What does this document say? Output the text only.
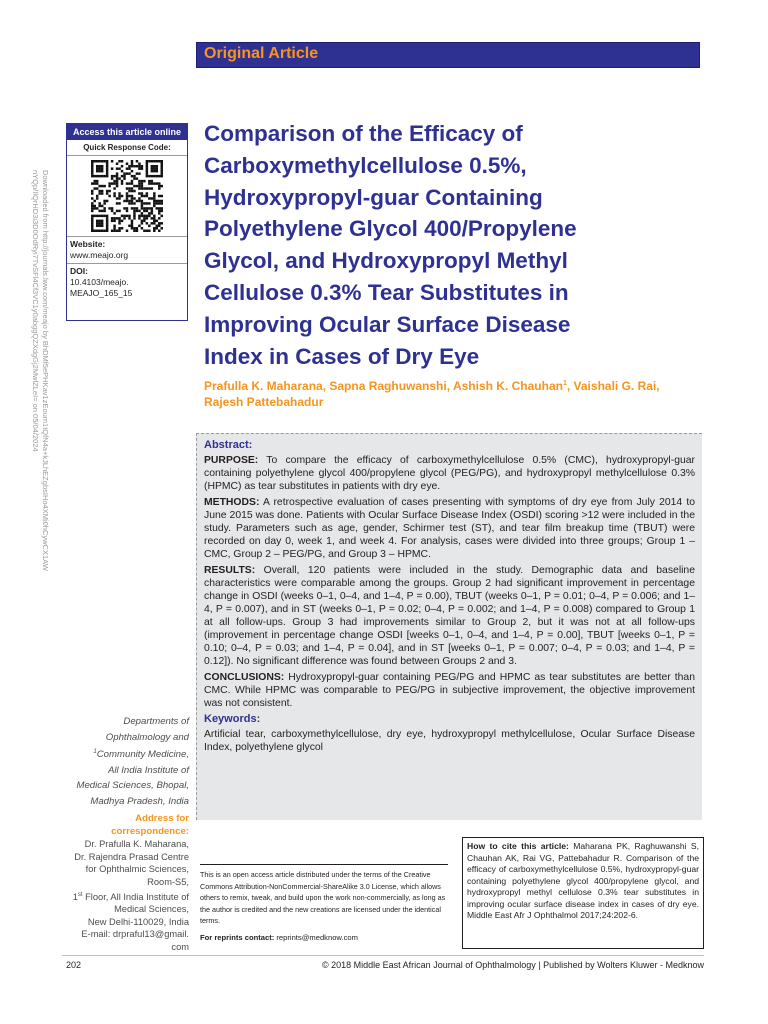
Original Article
Downloaded from http://journals.lww.com/meajo by BhDMf5ePHKav1zEoum1tQfN4a+kJLhEZgbsIHo4XMi0hCywCX1AW
nYQp/IlQrHD3i3D0OdRyi7TvSFl4Cf3VC1y0abggQZXdgGj2MwlZLeI= on 05/04/2024
Access this article online
Quick Response Code:
Website:
www.meajo.org
DOI:
10.4103/meajo.
MEAJO_165_15
Comparison of the Efficacy of
Carboxymethylcellulose 0.5%,
Hydroxypropyl-guar Containing
Polyethylene Glycol 400/Propylene
Glycol, and Hydroxypropyl Methyl
Cellulose 0.3% Tear Substitutes in
Improving Ocular Surface Disease
Index in Cases of Dry Eye
Prafulla K. Maharana, Sapna Raghuwanshi, Ashish K. Chauhan$^1$, Vaishali G. Rai,
Rajesh Pattebahadur
Abstract:

PURPOSE: To compare the efficacy of carboxymethylcellulose 0.5% (CMC), hydroxypropyl-guar containing polyethylene glycol 400/propylene glycol (PEG/PG), and hydroxypropyl methylcellulose 0.3% (HPMC) as tear substitutes in patients with dry eye.

METHODS: A retrospective evaluation of cases presenting with symptoms of dry eye from July 2014 to June 2015 was done. Patients with Ocular Surface Disease Index (OSDI) scoring >12 were included in the study. Parameters such as age, gender, Schirmer test (ST), and tear film breakup time (TBUT) were recorded on day 0, week 1, and week 4. For analysis, cases were divided into three groups; Group 1 – CMC, Group 2 – PEG/PG, and Group 3 – HPMC.

RESULTS: Overall, 120 patients were included in the study. Demographic data and baseline characteristics were comparable among the groups. Group 2 had significant improvement in percentage change in OSDI (weeks 0–1, 0–4, and 1–4, P = 0.00), TBUT (weeks 0–1, P = 0.01; 0–4, P = 0.006; and 1–4, P = 0.007), and in ST (weeks 0–1, P = 0.02; 0–4, P = 0.002; and 1–4, P = 0.008) compared to Group 1 at all follow-ups. Group 3 had improvements similar to Group 2, but it was not at all follow-ups (improvement in percentage change OSDI [weeks 0–1, 0–4, and 1–4, P = 0.00], TBUT [weeks 0–1, P = 0.10; 0–4, P = 0.03; and 1–4, P = 0.04], and in ST [weeks 0–1, P = 0.007; 0–4, P = 0.03; and 1–4, P = 0.12]). No significant difference was found between Groups 2 and 3.

CONCLUSIONS: Hydroxypropyl-guar containing PEG/PG and HPMC as tear substitutes are better than CMC. While HPMC was comparable to PEG/PG in subjective improvement, the objective improvement was not consistent.

Keywords:

Artificial tear, carboxymethylcellulose, dry eye, hydroxypropyl methylcellulose, Ocular Surface Disease Index, polyethylene glycol

Departments of
Ophthalmology and
$^1$Community Medicine,
All India Institute of
Medical Sciences, Bhopal,
Madhya Pradesh, India
Address for
correspondence:
Dr. Prafulla K. Maharana,
Dr. Rajendra Prasad Centre
for Ophthalmic Sciences,
Room-S5,
1st Floor, All India Institute of
Medical Sciences,
New Delhi-110029, India
E-mail: drpraful13@gmail.
com
This is an open access article distributed under the terms of the Creative Commons Attribution-NonCommercial-ShareAlike 3.0 License, which allows others to remix, tweak, and build upon the work non-commercially, as long as the author is credited and the new creations are licensed under the identical terms.
For reprints contact: reprints@medknow.com
How to cite this article: Maharana PK, Raghuwanshi S, Chauhan AK, Rai VG, Pattebahadur R. Comparison of the efficacy of carboxymethylcellulose 0.5%, hydroxypropyl-guar containing polyethylene glycol 400/propylene glycol, and hydroxypropyl methyl cellulose 0.3% tear substitutes in improving ocular surface disease index in cases of dry eye. Middle East Afr J Ophthalmol 2017;24:202-6.
202	© 2018 Middle East African Journal of Ophthalmology | Published by Wolters Kluwer - Medknow
